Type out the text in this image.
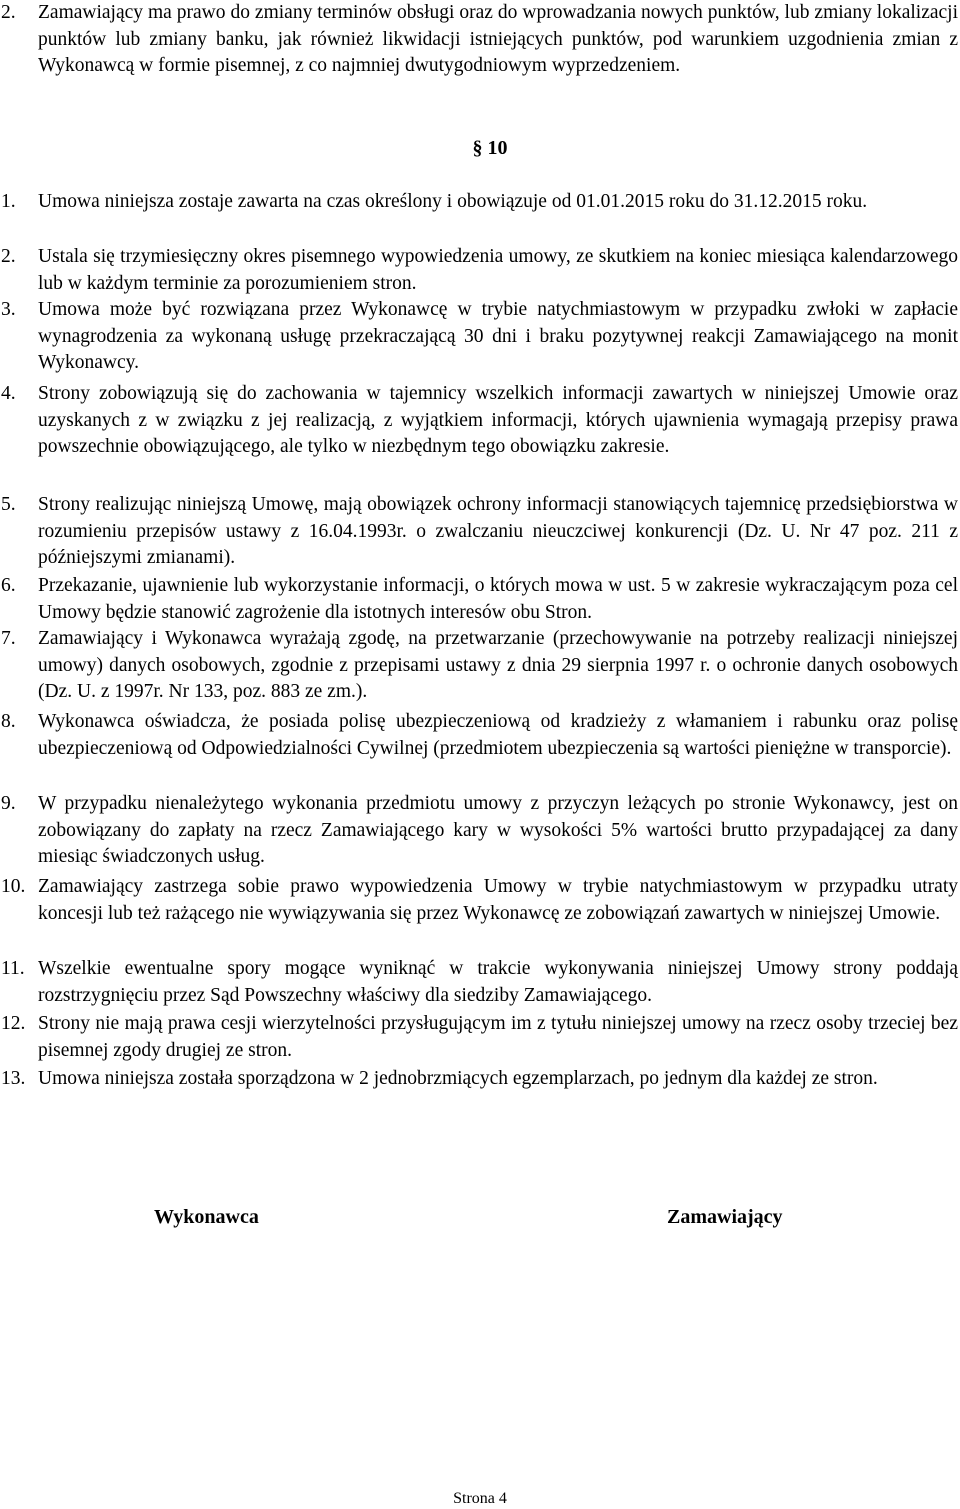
2.	Zamawiający ma prawo do zmiany terminów obsługi oraz do wprowadzania nowych punktów, lub zmiany lokalizacji punktów lub zmiany banku, jak również likwidacji istniejących punktów, pod warunkiem uzgodnienia zmian z Wykonawcą w formie pisemnej, z co najmniej dwutygodniowym wyprzedzeniem.
§ 10
1.	Umowa niniejsza zostaje zawarta na czas określony i obowiązuje od 01.01.2015 roku do 31.12.2015 roku.
2.	Ustala się trzymiesięczny okres pisemnego wypowiedzenia umowy, ze skutkiem na koniec miesiąca kalendarzowego lub w każdym terminie za porozumieniem stron.
3.	Umowa może być rozwiązana przez Wykonawcę w trybie natychmiastowym w przypadku zwłoki w zapłacie wynagrodzenia za wykonaną usługę przekraczającą 30 dni i braku pozytywnej reakcji Zamawiającego na monit Wykonawcy.
4.	Strony zobowiązują się do zachowania w tajemnicy wszelkich informacji zawartych w niniejszej Umowie oraz uzyskanych z w związku z jej realizacją, z wyjątkiem informacji, których ujawnienia wymagają przepisy prawa powszechnie obowiązującego, ale tylko w niezbędnym tego obowiązku zakresie.
5.	Strony realizując niniejszą Umowę, mają obowiązek ochrony informacji stanowiących tajemnicę przedsiębiorstwa w rozumieniu przepisów ustawy z 16.04.1993r. o zwalczaniu nieuczciwej konkurencji (Dz. U. Nr 47 poz. 211 z późniejszymi zmianami).
6.	Przekazanie, ujawnienie lub wykorzystanie informacji, o których mowa w ust. 5 w zakresie wykraczającym poza cel Umowy będzie stanowić zagrożenie dla istotnych interesów obu Stron.
7.	Zamawiający i Wykonawca wyrażają zgodę, na przetwarzanie (przechowywanie na potrzeby realizacji niniejszej umowy) danych osobowych, zgodnie z przepisami ustawy z dnia 29 sierpnia 1997 r. o ochronie danych osobowych (Dz. U. z 1997r. Nr 133, poz. 883 ze zm.).
8.	Wykonawca oświadcza, że posiada polisę ubezpieczeniową od kradzieży z włamaniem i rabunku oraz polisę ubezpieczeniową od Odpowiedzialności Cywilnej (przedmiotem ubezpieczenia są wartości pieniężne w transporcie).
9.	W przypadku nienależytego wykonania przedmiotu umowy z przyczyn leżących po stronie Wykonawcy, jest on zobowiązany do zapłaty na rzecz Zamawiającego kary w wysokości 5% wartości brutto przypadającej za dany miesiąc świadczonych usług.
10. Zamawiający zastrzega sobie prawo wypowiedzenia Umowy w trybie natychmiastowym w przypadku utraty koncesji lub też rażącego nie wywiązywania się przez Wykonawcę ze zobowiązań zawartych w niniejszej Umowie.
11. Wszelkie ewentualne spory mogące wyniknąć w trakcie wykonywania niniejszej Umowy strony poddają rozstrzygnięciu przez Sąd Powszechny właściwy dla siedziby Zamawiającego.
12. Strony nie mają prawa cesji wierzytelności przysługującym im z tytułu niniejszej umowy na rzecz osoby trzeciej bez pisemnej zgody drugiej ze stron.
13. Umowa niniejsza została sporządzona w 2 jednobrzmiących egzemplarzach, po jednym dla każdej ze stron.
Wykonawca	Zamawiający
Strona 4
